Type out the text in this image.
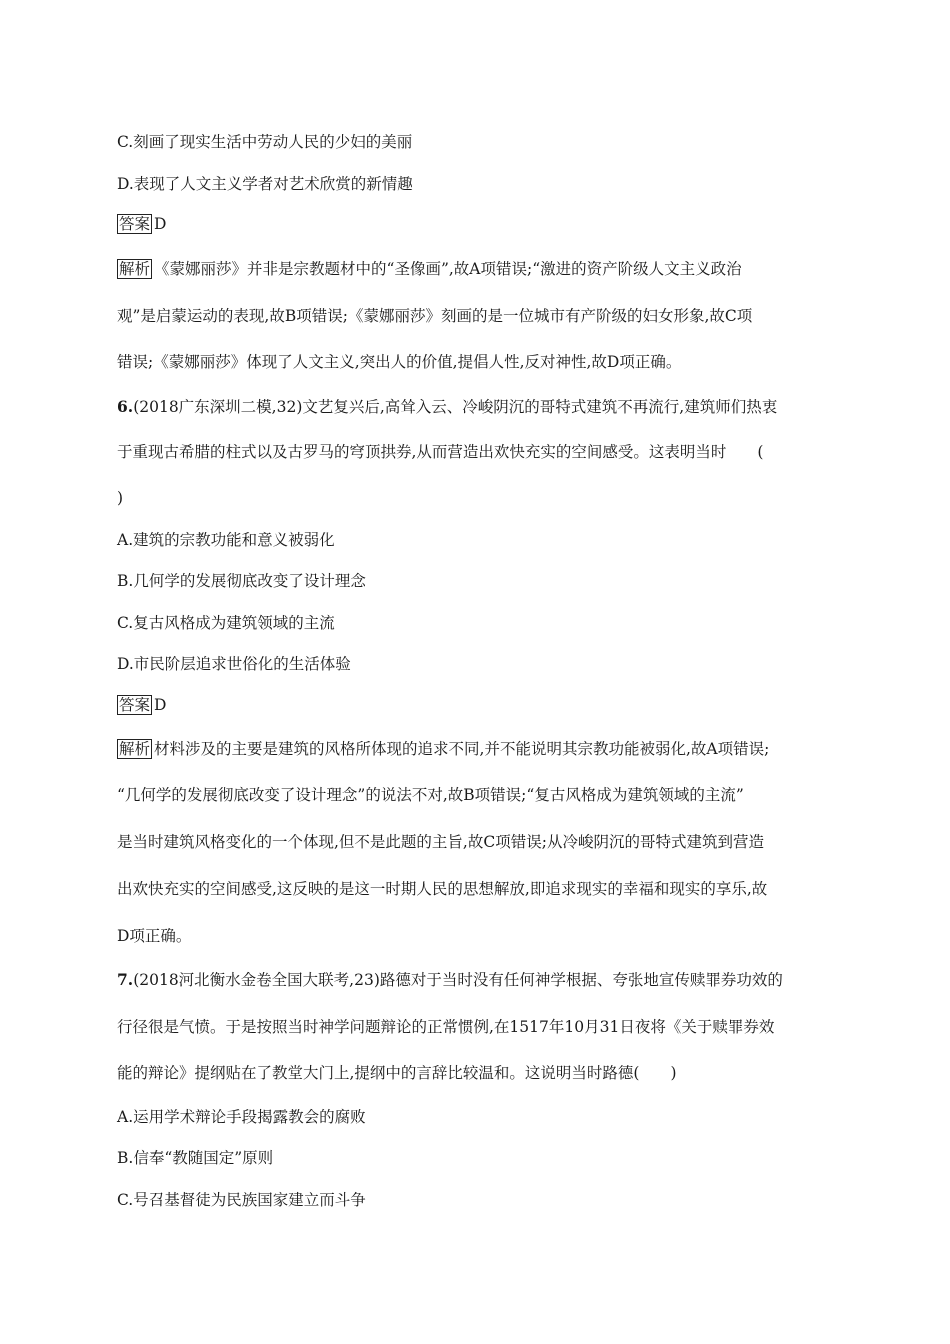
C.刻画了现实生活中劳动人民的少妇的美丽
D.表现了人文主义学者对艺术欣赏的新情趣
答案 D
解析 《蒙娜丽莎》并非是宗教题材中的“圣像画”,故A项错误;“激进的资产阶级人文主义政治
观”是启蒙运动的表现,故B项错误;《蒙娜丽莎》刻画的是一位城市有产阶级的妇女形象,故C项
错误;《蒙娜丽莎》体现了人文主义,突出人的价值,提倡人性,反对神性,故D项正确。
6.(2018广东深圳二模,32)文艺复兴后,高耸入云、冷峻阴沉的哥特式建筑不再流行,建筑师们热衷
于重现古希腊的柱式以及古罗马的穹顶拱券,从而营造出欢快充实的空间感受。这表明当时　　(
)
A.建筑的宗教功能和意义被弱化
B.几何学的发展彻底改变了设计理念
C.复古风格成为建筑领域的主流
D.市民阶层追求世俗化的生活体验
答案 D
解析 材料涉及的主要是建筑的风格所体现的追求不同,并不能说明其宗教功能被弱化,故A项错误;
“几何学的发展彻底改变了设计理念”的说法不对,故B项错误;“复古风格成为建筑领域的主流”
是当时建筑风格变化的一个体现,但不是此题的主旨,故C项错误;从冷峻阴沉的哥特式建筑到营造
出欢快充实的空间感受,这反映的是这一时期人民的思想解放,即追求现实的幸福和现实的享乐,故
D项正确。
7.(2018河北衡水金卷全国大联考,23)路德对于当时没有任何神学根据、夸张地宣传赎罪券功效的
行径很是气愤。于是按照当时神学问题辩论的正常惯例,在1517年10月31日夜将《关于赎罪券效
能的辩论》提纲贴在了教堂大门上,提纲中的言辞比较温和。这说明当时路德(　　)
A.运用学术辩论手段揭露教会的腐败
B.信奉“教随国定”原则
C.号召基督徒为民族国家建立而斗争
